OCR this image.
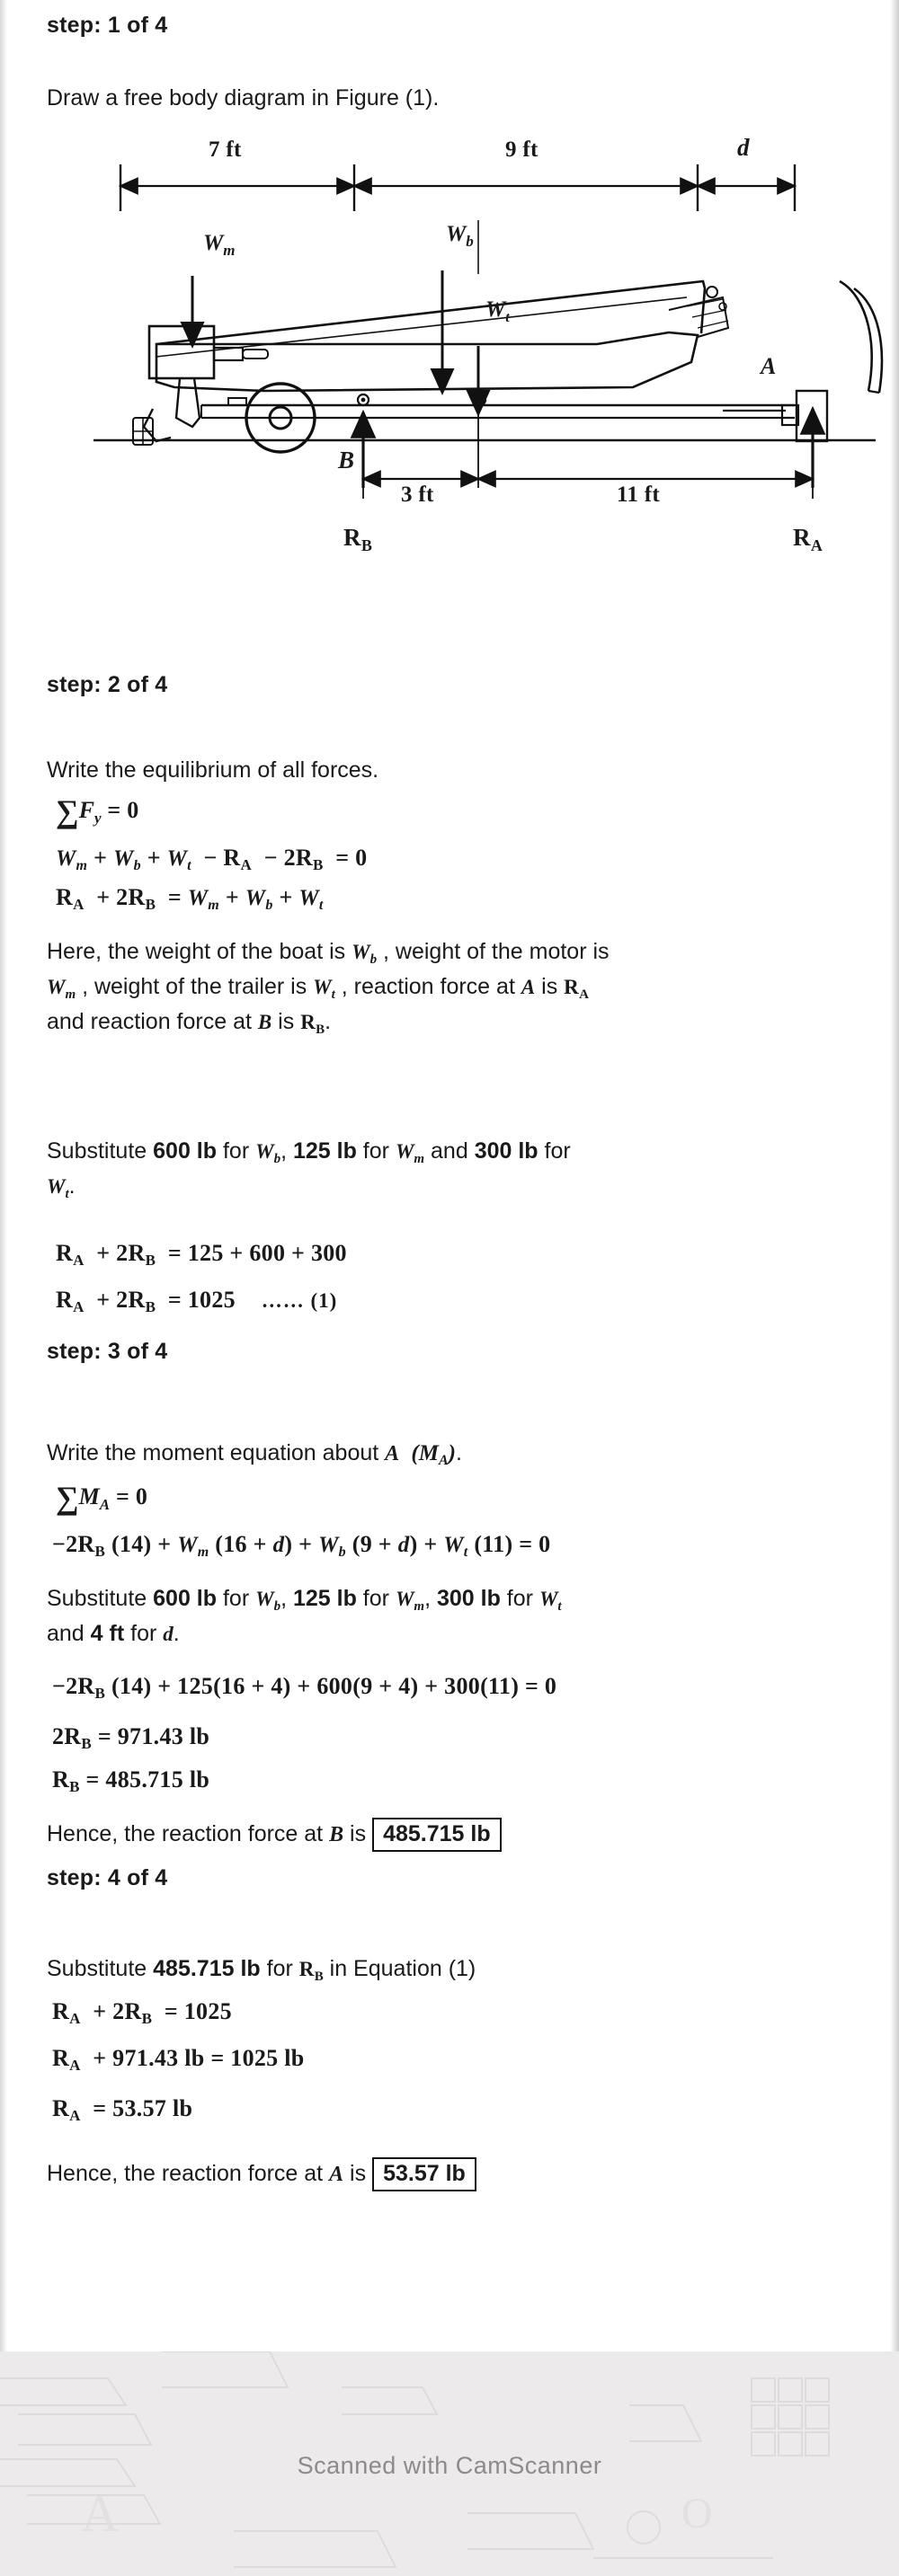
step: 1 of 4
Draw a free body diagram in Figure (1).
7 ft	9 ft	d
Wm
Wb
Wt
A
B
3 ft	11 ft
RB	RA
step: 2 of 4
Write the equilibrium of all forces.
∑Fy = 0
Wm + Wb + Wt  − RA  − 2RB  = 0
RA  + 2RB  = Wm + Wb + Wt
Here, the weight of the boat is $W_b$ , weight of the motor is
$W_m$ , weight of the trailer is $W_t$ , reaction force at A is $R_A$
and reaction force at B is $R_B$.
Substitute 600 lb for $W_b$, 125 lb for $W_m$ and 300 lb for
$W_t$.
RA  + 2RB  = 125 + 600 + 300
RA  + 2RB  = 1025 …… (1)
step: 3 of 4
Write the moment equation about A  $(M_A)$.
∑MA = 0
−2RB (14) + Wm (16 + d) + Wb (9 + d) + Wt (11) = 0
Substitute 600 lb for $W_b$, 125 lb for $W_m$, 300 lb for $W_t$
and 4 ft for d.
−2RB (14) + 125(16 + 4) + 600(9 + 4) + 300(11) = 0
2RB = 971.43 lb
RB = 485.715 lb
Hence, the reaction force at B is 485.715 lb
step: 4 of 4
Substitute 485.715 lb for $R_B$ in Equation (1)
RA  + 2RB  = 1025
RA  + 971.43 lb = 1025 lb
RA  = 53.57 lb
Hence, the reaction force at A is 53.57 lb
A	O
Scanned with CamScanner
